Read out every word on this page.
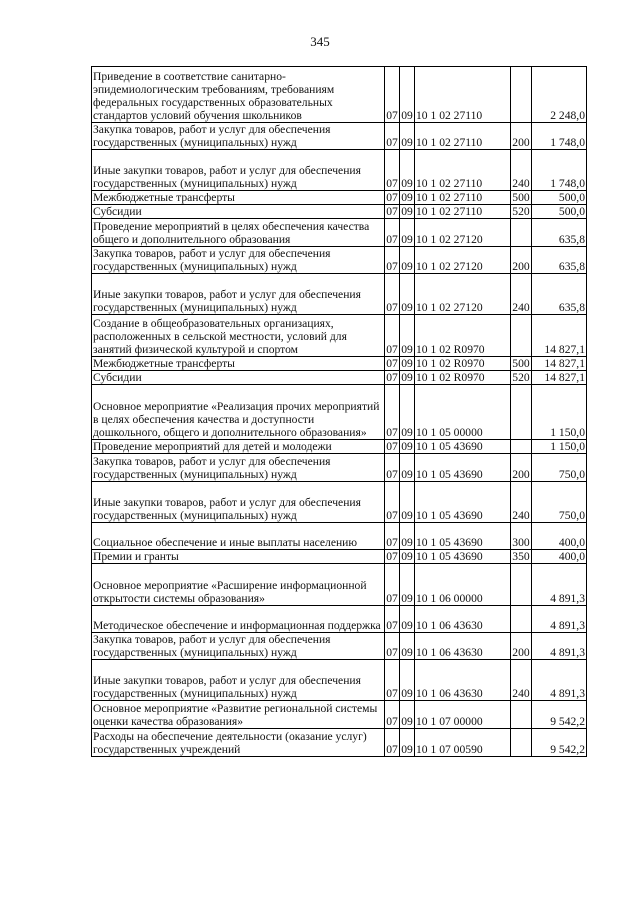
345
Приведение в соответствие санитарно-эпидемиологическим требованиям, требованиям федеральных государственных образовательных стандартов условий обучения школьников	07	09	10 1 02 27110		2 248,0
Закупка товаров, работ и услуг для обеспечения государственных (муниципальных) нужд	07	09	10 1 02 27110	200	1 748,0
Иные закупки товаров, работ и услуг для обеспечения государственных (муниципальных) нужд	07	09	10 1 02 27110	240	1 748,0
Межбюджетные трансферты	07	09	10 1 02 27110	500	500,0
Субсидии	07	09	10 1 02 27110	520	500,0
Проведение мероприятий в целях обеспечения качества общего и дополнительного образования	07	09	10 1 02 27120		635,8
Закупка товаров, работ и услуг для обеспечения государственных (муниципальных) нужд	07	09	10 1 02 27120	200	635,8
Иные закупки товаров, работ и услуг для обеспечения государственных (муниципальных) нужд	07	09	10 1 02 27120	240	635,8
Создание в общеобразовательных организациях, расположенных в сельской местности, условий для занятий физической культурой и спортом	07	09	10 1 02 R0970		14 827,1
Межбюджетные трансферты	07	09	10 1 02 R0970	500	14 827,1
Субсидии	07	09	10 1 02 R0970	520	14 827,1
Основное мероприятие «Реализация прочих мероприятий в целях обеспечения качества и доступности дошкольного, общего и дополнительного образования»	07	09	10 1 05 00000		1 150,0
Проведение мероприятий для детей и молодежи	07	09	10 1 05 43690		1 150,0
Закупка товаров, работ и услуг для обеспечения государственных (муниципальных) нужд	07	09	10 1 05 43690	200	750,0
Иные закупки товаров, работ и услуг для обеспечения государственных (муниципальных) нужд	07	09	10 1 05 43690	240	750,0
Социальное обеспечение и иные выплаты населению	07	09	10 1 05 43690	300	400,0
Премии и гранты	07	09	10 1 05 43690	350	400,0
Основное мероприятие «Расширение информационной открытости системы образования»	07	09	10 1 06 00000		4 891,3
Методическое обеспечение и информационная поддержка	07	09	10 1 06 43630		4 891,3
Закупка товаров, работ и услуг для обеспечения государственных (муниципальных) нужд	07	09	10 1 06 43630	200	4 891,3
Иные закупки товаров, работ и услуг для обеспечения государственных (муниципальных) нужд	07	09	10 1 06 43630	240	4 891,3
Основное мероприятие «Развитие региональной системы оценки качества образования»	07	09	10 1 07 00000		9 542,2
Расходы на обеспечение деятельности (оказание услуг) государственных учреждений	07	09	10 1 07 00590		9 542,2
